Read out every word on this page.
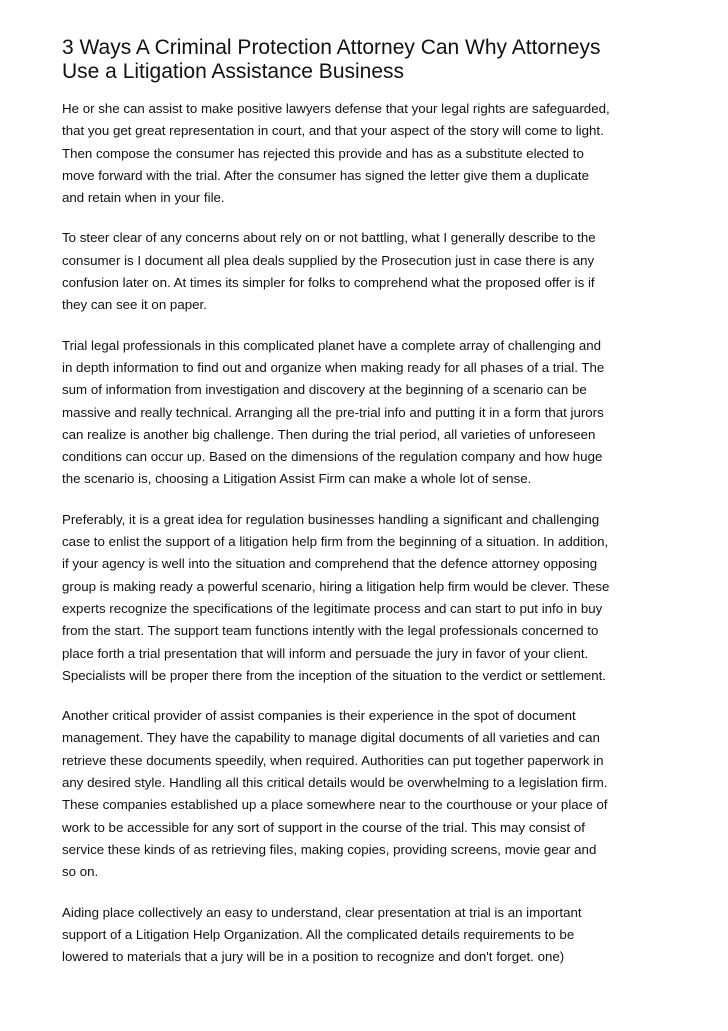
3 Ways A Criminal Protection Attorney Can Why Attorneys
Use a Litigation Assistance Business

He or she can assist to make positive lawyers defense that your legal rights are safeguarded,
that you get great representation in court, and that your aspect of the story will come to light.
Then compose the consumer has rejected this provide and has as a substitute elected to
move forward with the trial. After the consumer has signed the letter give them a duplicate
and retain when in your file.

To steer clear of any concerns about rely on or not battling, what I generally describe to the
consumer is I document all plea deals supplied by the Prosecution just in case there is any
confusion later on. At times its simpler for folks to comprehend what the proposed offer is if
they can see it on paper.

Trial legal professionals in this complicated planet have a complete array of challenging and
in depth information to find out and organize when making ready for all phases of a trial. The
sum of information from investigation and discovery at the beginning of a scenario can be
massive and really technical. Arranging all the pre-trial info and putting it in a form that jurors
can realize is another big challenge. Then during the trial period, all varieties of unforeseen
conditions can occur up. Based on the dimensions of the regulation company and how huge
the scenario is, choosing a Litigation Assist Firm can make a whole lot of sense.

Preferably, it is a great idea for regulation businesses handling a significant and challenging
case to enlist the support of a litigation help firm from the beginning of a situation. In addition,
if your agency is well into the situation and comprehend that the defence attorney opposing
group is making ready a powerful scenario, hiring a litigation help firm would be clever. These
experts recognize the specifications of the legitimate process and can start to put info in buy
from the start. The support team functions intently with the legal professionals concerned to
place forth a trial presentation that will inform and persuade the jury in favor of your client.
Specialists will be proper there from the inception of the situation to the verdict or settlement.

Another critical provider of assist companies is their experience in the spot of document
management. They have the capability to manage digital documents of all varieties and can
retrieve these documents speedily, when required. Authorities can put together paperwork in
any desired style. Handling all this critical details would be overwhelming to a legislation firm.
These companies established up a place somewhere near to the courthouse or your place of
work to be accessible for any sort of support in the course of the trial. This may consist of
service these kinds of as retrieving files, making copies, providing screens, movie gear and
so on.

Aiding place collectively an easy to understand, clear presentation at trial is an important
support of a Litigation Help Organization. All the complicated details requirements to be
lowered to materials that a jury will be in a position to recognize and don't forget. one)
